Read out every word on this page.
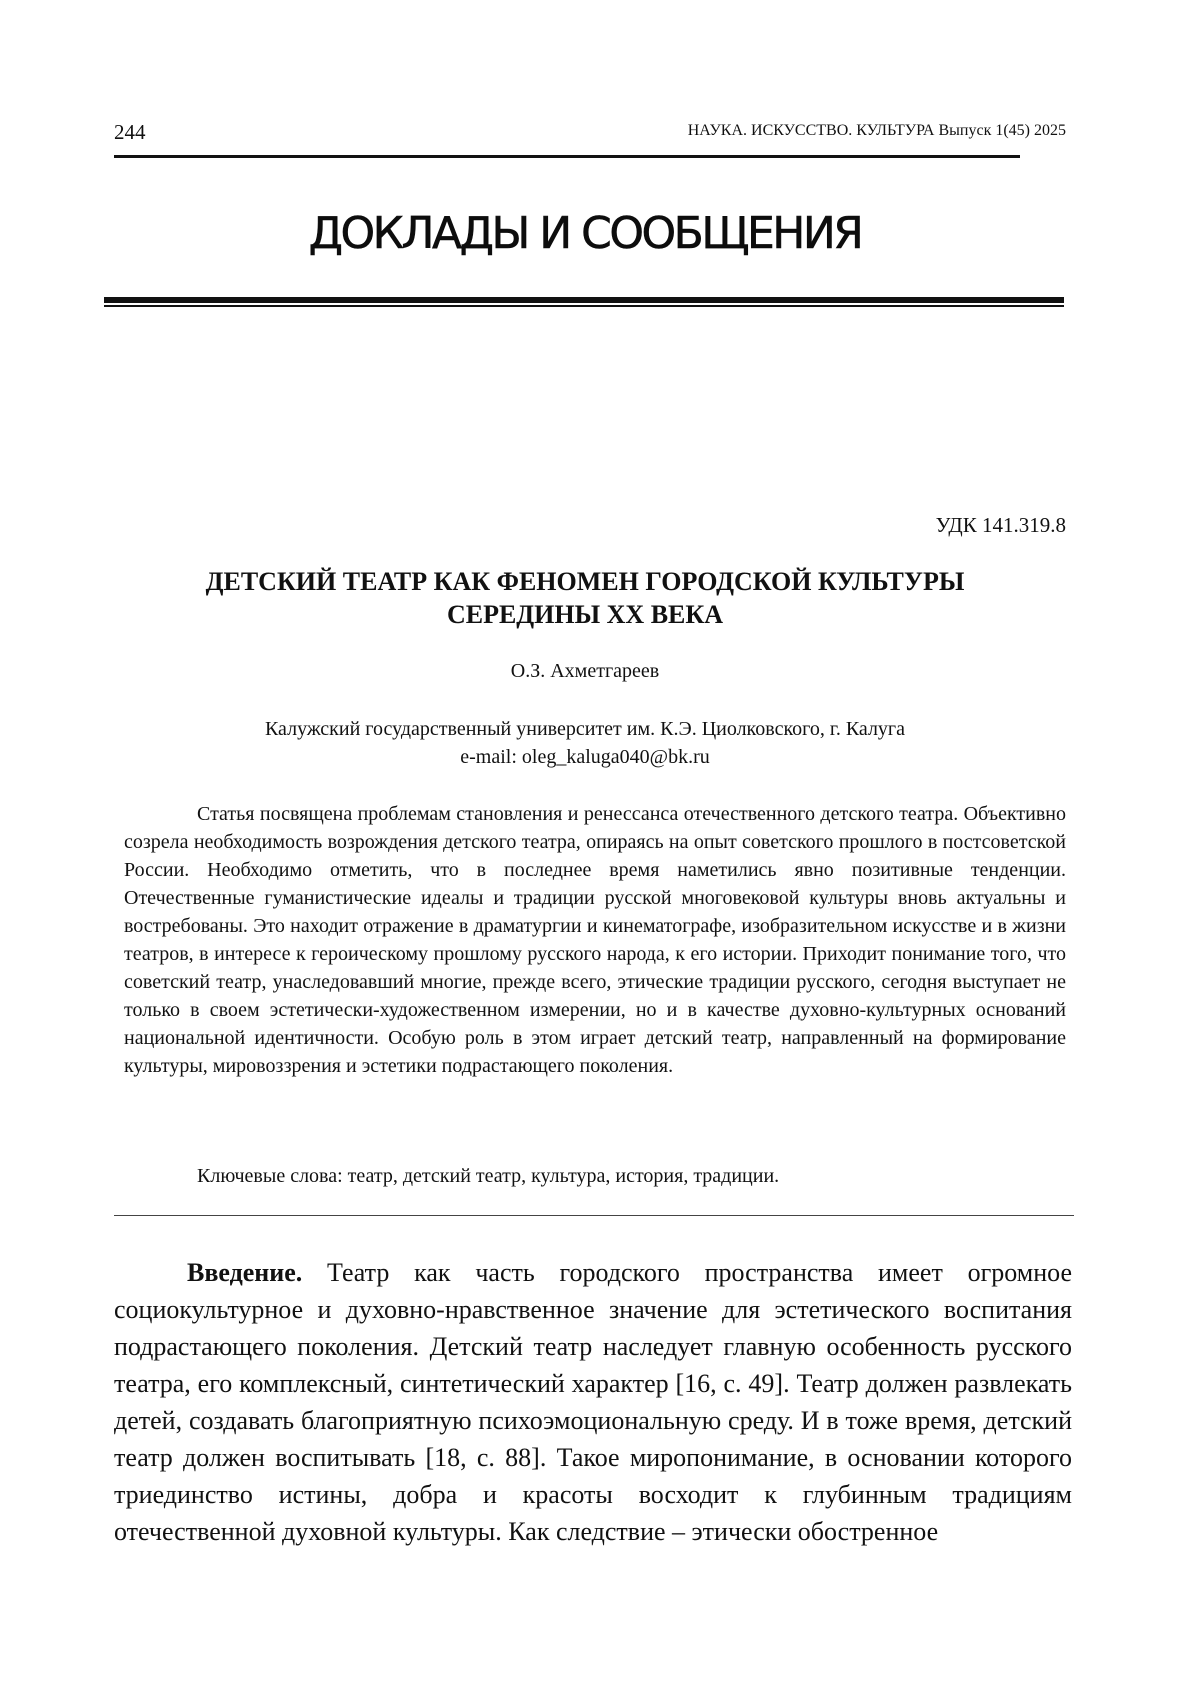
244	НАУКА. ИСКУССТВО. КУЛЬТУРА Выпуск 1(45) 2025
ДОКЛАДЫ И СООБЩЕНИЯ
УДК 141.319.8
ДЕТСКИЙ ТЕАТР КАК ФЕНОМЕН ГОРОДСКОЙ КУЛЬТУРЫ
СЕРЕДИНЫ XX ВЕКА
О.З. Ахметгареев
Калужский государственный университет им. К.Э. Циолковского, г. Калуга
e-mail: oleg_kaluga040@bk.ru

Статья посвящена проблемам становления и ренессанса отечественного детского театра. Объективно созрела необходимость возрождения детского театра, опираясь на опыт советского прошлого в постсоветской России. Необходимо отметить, что в последнее время наметились явно позитивные тенденции. Отечественные гуманистические идеалы и традиции русской многовековой культуры вновь актуальны и востребованы. Это находит отражение в драматургии и кинематографе, изобразительном искусстве и в жизни театров, в интересе к героическому прошлому русского народа, к его истории. Приходит понимание того, что советский театр, унаследовавший многие, прежде всего, этические традиции русского, сегодня выступает не только в своем эстетически-художественном измерении, но и в качестве духовно-культурных оснований национальной идентичности. Особую роль в этом играет детский театр, направленный на формирование культуры, мировоззрения и эстетики подрастающего поколения.

Ключевые слова: театр, детский театр, культура, история, традиции.

Введение. Театр как часть городского пространства имеет огромное социокультурное и духовно-нравственное значение для эстетического воспитания подрастающего поколения. Детский театр наследует главную особенность русского театра, его комплексный, синтетический характер [16, с. 49]. Театр должен развлекать детей, создавать благоприятную психоэмоциональную среду. И в тоже время, детский театр должен воспитывать [18, с. 88]. Такое миропонимание, в основании которого триединство истины, добра и красоты восходит к глубинным традициям отечественной духовной культуры. Как следствие – этически обостренное
